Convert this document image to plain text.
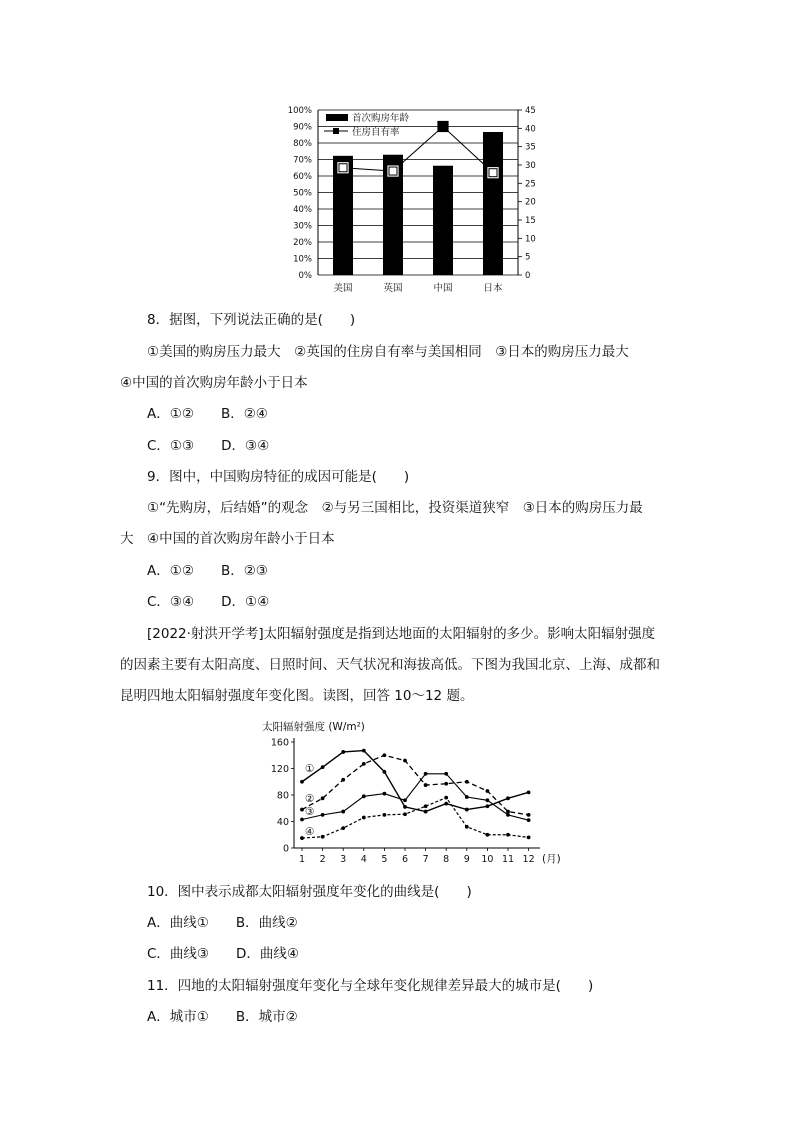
首次购房年龄
住房自有率
100%
90%
80%
70%
60%
50%
40%
30%
20%
10%
0%
45
40
35
30
25
20
15
10
5
0
美国	英国	中国	日本
太阳辐射强度 (W/m²)
(月)
0
40
80
120
160
1 2 3 4 5 6 7 8 9 10 11 12
①
②
③
④
8．据图，下列说法正确的是(　　)
①美国的购房压力最大　②英国的住房自有率与美国相同　③日本的购房压力最大
④中国的首次购房年龄小于日本
A．①②　　B．②④
C．①③　　D．③④
9．图中，中国购房特征的成因可能是(　　)
①“先购房，后结婚”的观念　②与另三国相比，投资渠道狭窄　③日本的购房压力最
大　④中国的首次购房年龄小于日本
A．①②　　B．②③
C．③④　　D．①④
[2022·射洪开学考]太阳辐射强度是指到达地面的太阳辐射的多少。影响太阳辐射强度
的因素主要有太阳高度、日照时间、天气状况和海拔高低。下图为我国北京、上海、成都和
昆明四地太阳辐射强度年变化图。读图，回答 10～12 题。
10．图中表示成都太阳辐射强度年变化的曲线是(　　)
A．曲线①　　B．曲线②
C．曲线③　　D．曲线④
11．四地的太阳辐射强度年变化与全球年变化规律差异最大的城市是(　　)
A．城市①　　B．城市②
